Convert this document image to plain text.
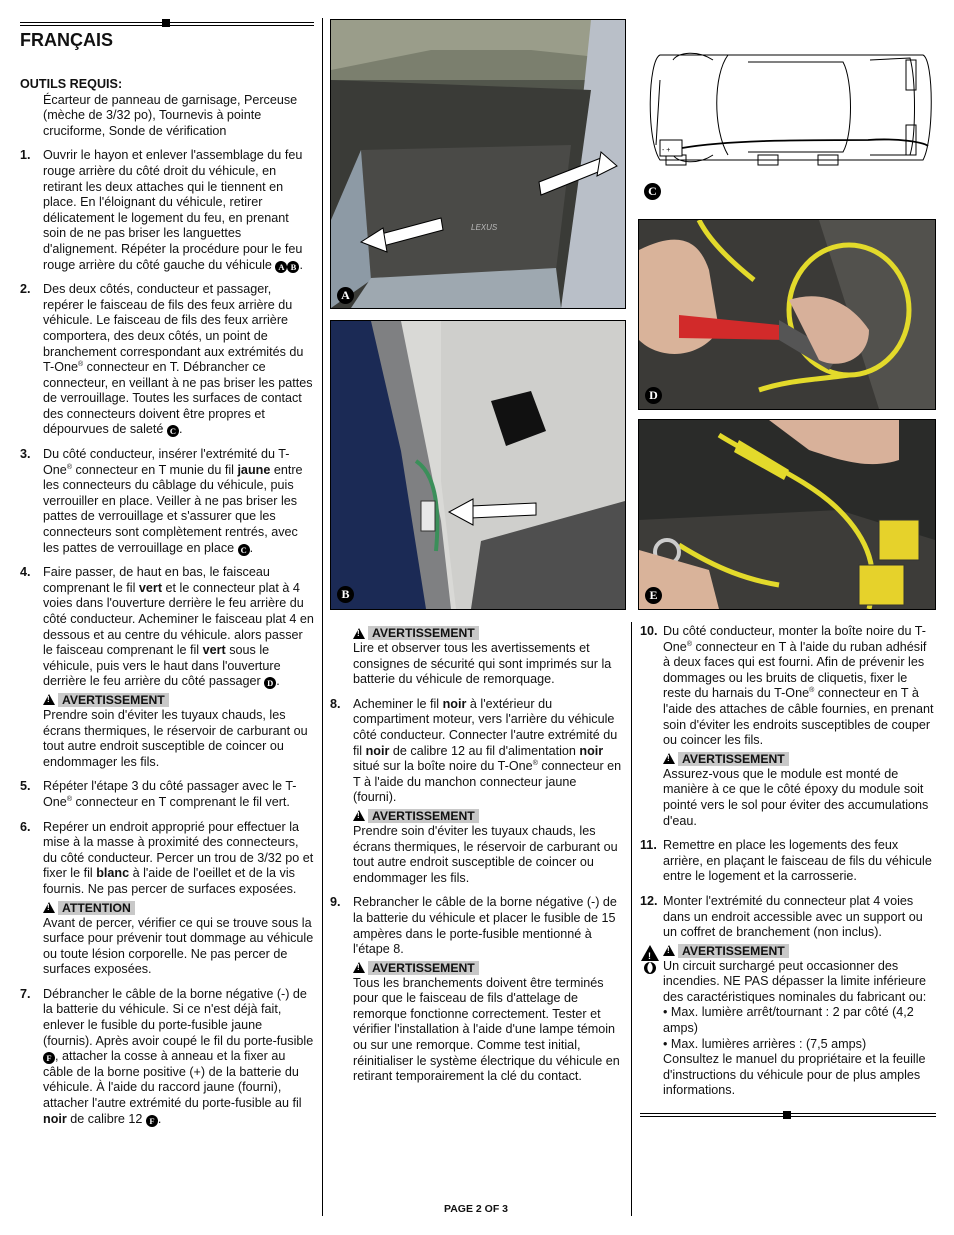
FRANÇAIS

OUTILS REQUIS:

Écarteur de panneau de garnisage, Perceuse (mèche de 3/32 po), Tournevis à pointe cruciforme, Sonde de vérification

1. Ouvrir le hayon et enlever l'assemblage du feu rouge arrière du côté droit du véhicule, en retirant les deux attaches qui le tiennent en place. En l'éloignant du véhicule, retirer délicatement le logement du feu, en prenant soin de ne pas briser les languettes d'alignement. Répéter la procédure pour le feu rouge arrière du côté gauche du véhicule A B .
2. Des deux côtés, conducteur et passager, repérer le faisceau de fils des feux arrière du véhicule. Le faisceau de fils des feux arrière comportera, des deux côtés, un point de branchement correspondant aux extrémités du T-One® connecteur en T. Débrancher ce connecteur, en veillant à ne pas briser les pattes de verrouillage. Toutes les surfaces de contact des connecteurs doivent être propres et dépourvues de saleté C .
3. Du côté conducteur, insérer l'extrémité du T-One® connecteur en T munie du fil jaune entre les connecteurs du câblage du véhicule, puis verrouiller en place. Veiller à ne pas briser les pattes de verrouillage et s'assurer que les connecteurs sont complètement rentrés, avec les pattes de verrouillage en place C .
4. Faire passer, de haut en bas, le faisceau comprenant le fil vert et le connecteur plat à 4 voies dans l'ouverture derrière le feu arrière du côté conducteur. Acheminer le faisceau plat 4 en dessous et au centre du véhicule. alors passer le faisceau comprenant le fil vert sous le véhicule, puis vers le haut dans l'ouverture derrière le feu arrière du côté passager D .
!
AVERTISSEMENT

Prendre soin d'éviter les tuyaux chauds, les écrans thermiques, le réservoir de carburant ou tout autre endroit susceptible de coincer ou endommager les fils.

5. Répéter l'étape 3 du côté passager avec le T-One® connecteur en T comprenant le fil vert.
6. Repérer un endroit approprié pour effectuer la mise à la masse à proximité des connecteurs, du côté conducteur. Percer un trou de 3/32 po et fixer le fil blanc à l'aide de l'oeillet et de la vis fournis. Ne pas percer de surfaces exposées.
!
ATTENTION

Avant de percer, vérifier ce qui se trouve sous la surface pour prévenir tout dommage au véhicule ou toute lésion corporelle. Ne pas percer de surfaces exposées.

7. Débrancher le câble de la borne négative (-) de la batterie du véhicule. Si ce n'est déjà fait, enlever le fusible du porte-fusible jaune (fournis). Après avoir coupé le fil du porte-fusible F , attacher la cosse à anneau et la fixer au câble de la borne positive (+) de la batterie du véhicule. À l'aide du raccord jaune (fourni), attacher l'autre extrémité du porte-fusible au fil noir de calibre 12 F .
LEXUS
A
B
- +
C
D
E
!
AVERTISSEMENT

Lire et observer tous les avertissements et consignes de sécurité qui sont imprimés sur la batterie du véhicule de remorquage.

8. Acheminer le fil noir à l'extérieur du compartiment moteur, vers l'arrière du véhicule côté conducteur. Connecter l'autre extrémité du fil noir de calibre 12 au fil d'alimentation noir situé sur la boîte noire du T-One® connecteur en T à l'aide du manchon connecteur jaune (fourni).
!
AVERTISSEMENT

Prendre soin d'éviter les tuyaux chauds, les écrans thermiques, le réservoir de carburant ou tout autre endroit susceptible de coincer ou endommager les fils.

9. Rebrancher le câble de la borne négative (-) de la batterie du véhicule et placer le fusible de 15 ampères dans le porte-fusible mentionné à l'étape 8.
!
AVERTISSEMENT

Tous les branchements doivent être terminés pour que le faisceau de fils d'attelage de remorque fonctionne correctement. Tester et vérifier l'installation à l'aide d'une lampe témoin ou sur une remorque. Comme test initial, réinitialiser le système électrique du véhicule en retirant temporairement la clé du contact.

10. Du côté conducteur, monter la boîte noire du T-One® connecteur en T à l'aide du ruban adhésif à deux faces qui est fourni. Afin de prévenir les dommages ou les bruits de cliquetis, fixer le reste du harnais du T-One® connecteur en T à l'aide des attaches de câble fournies, en prenant soin d'éviter les endroits susceptibles de couper ou coincer les fils.
!
AVERTISSEMENT

Assurez-vous que le module est monté de manière à ce que le côté époxy du module soit pointé vers le sol pour éviter des accumulations d'eau.

11. Remettre en place les logements des feux arrière, en plaçant le faisceau de fils du véhicule entre le logement et la carrosserie.
12. Monter l'extrémité du connecteur plat 4 voies dans un endroit accessible avec un support ou un coffret de branchement (non inclus).
!
!	AVERTISSEMENT

Un circuit surchargé peut occasionner des incendies. NE PAS dépasser la limite inférieure des caractéristiques nominales du fabricant ou:

• Max. lumière arrêt/tournant : 2 par côté (4,2 amps)

• Max. lumières arrières : (7,5 amps)

Consultez le manuel du propriétaire et la feuille d'instructions du véhicule pour de plus amples informations.

PAGE 2 OF 3
